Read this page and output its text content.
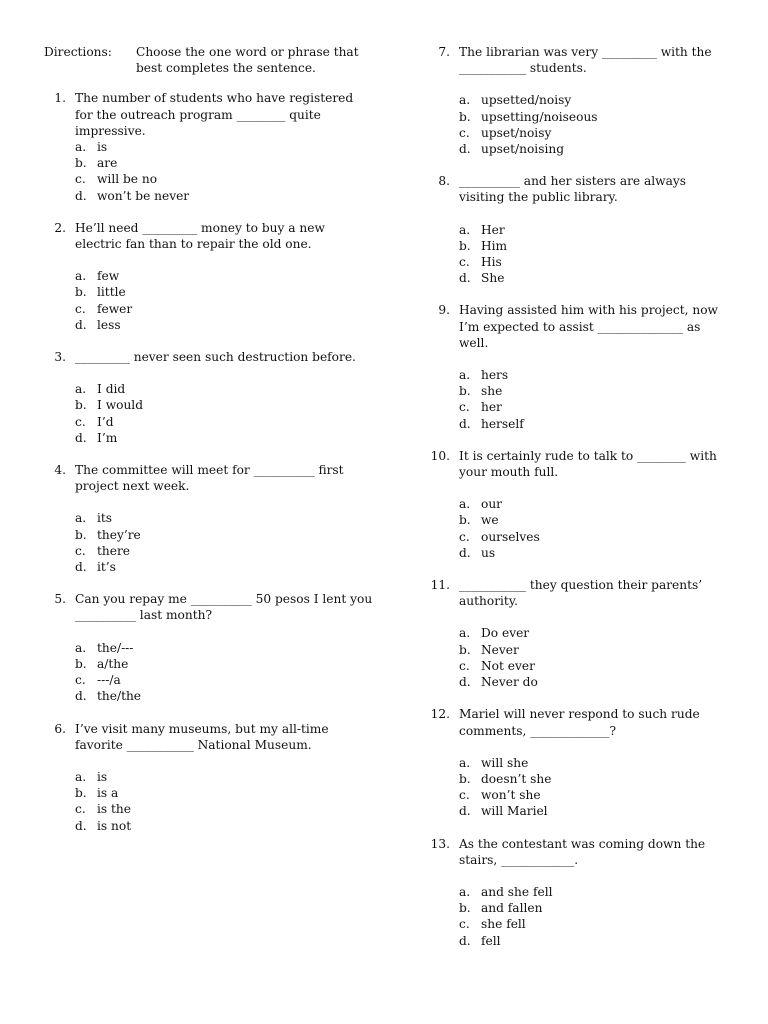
Directions:	Choose the one word or phrase that best completes the sentence.
1. The number of students who have registered for the outreach program ________ quite impressive.
a. is
b. are
c. will be no
d. won’t be never
2. He’ll need _________ money to buy a new electric fan than to repair the old one.
a. few
b. little
c. fewer
d. less
3. _________ never seen such destruction before.
a. I did
b. I would
c. I’d
d. I’m
4. The committee will meet for __________ first project next week.
a. its
b. they’re
c. there
d. it’s
5. Can you repay me __________ 50 pesos I lent you __________ last month?
a. the/---
b. a/the
c. ---/a
d. the/the
6. I’ve visit many museums, but my all-time favorite ___________ National Museum.
a. is
b. is a
c. is the
d. is not
7. The librarian was very _________ with the ___________ students.
a. upsetted/noisy
b. upsetting/noiseous
c. upset/noisy
d. upset/noising
8. __________ and her sisters are always visiting the public library.
a. Her
b. Him
c. His
d. She
9. Having assisted him with his project, now I’m expected to assist ______________ as well.
a. hers
b. she
c. her
d. herself
10. It is certainly rude to talk to ________ with your mouth full.
a. our
b. we
c. ourselves
d. us
11. ___________ they question their parents’ authority.
a. Do ever
b. Never
c. Not ever
d. Never do
12. Mariel will never respond to such rude comments, _____________?
a. will she
b. doesn’t she
c. won’t she
d. will Mariel
13. As the contestant was coming down the stairs, ____________.
a. and she fell
b. and fallen
c. she fell
d. fell
